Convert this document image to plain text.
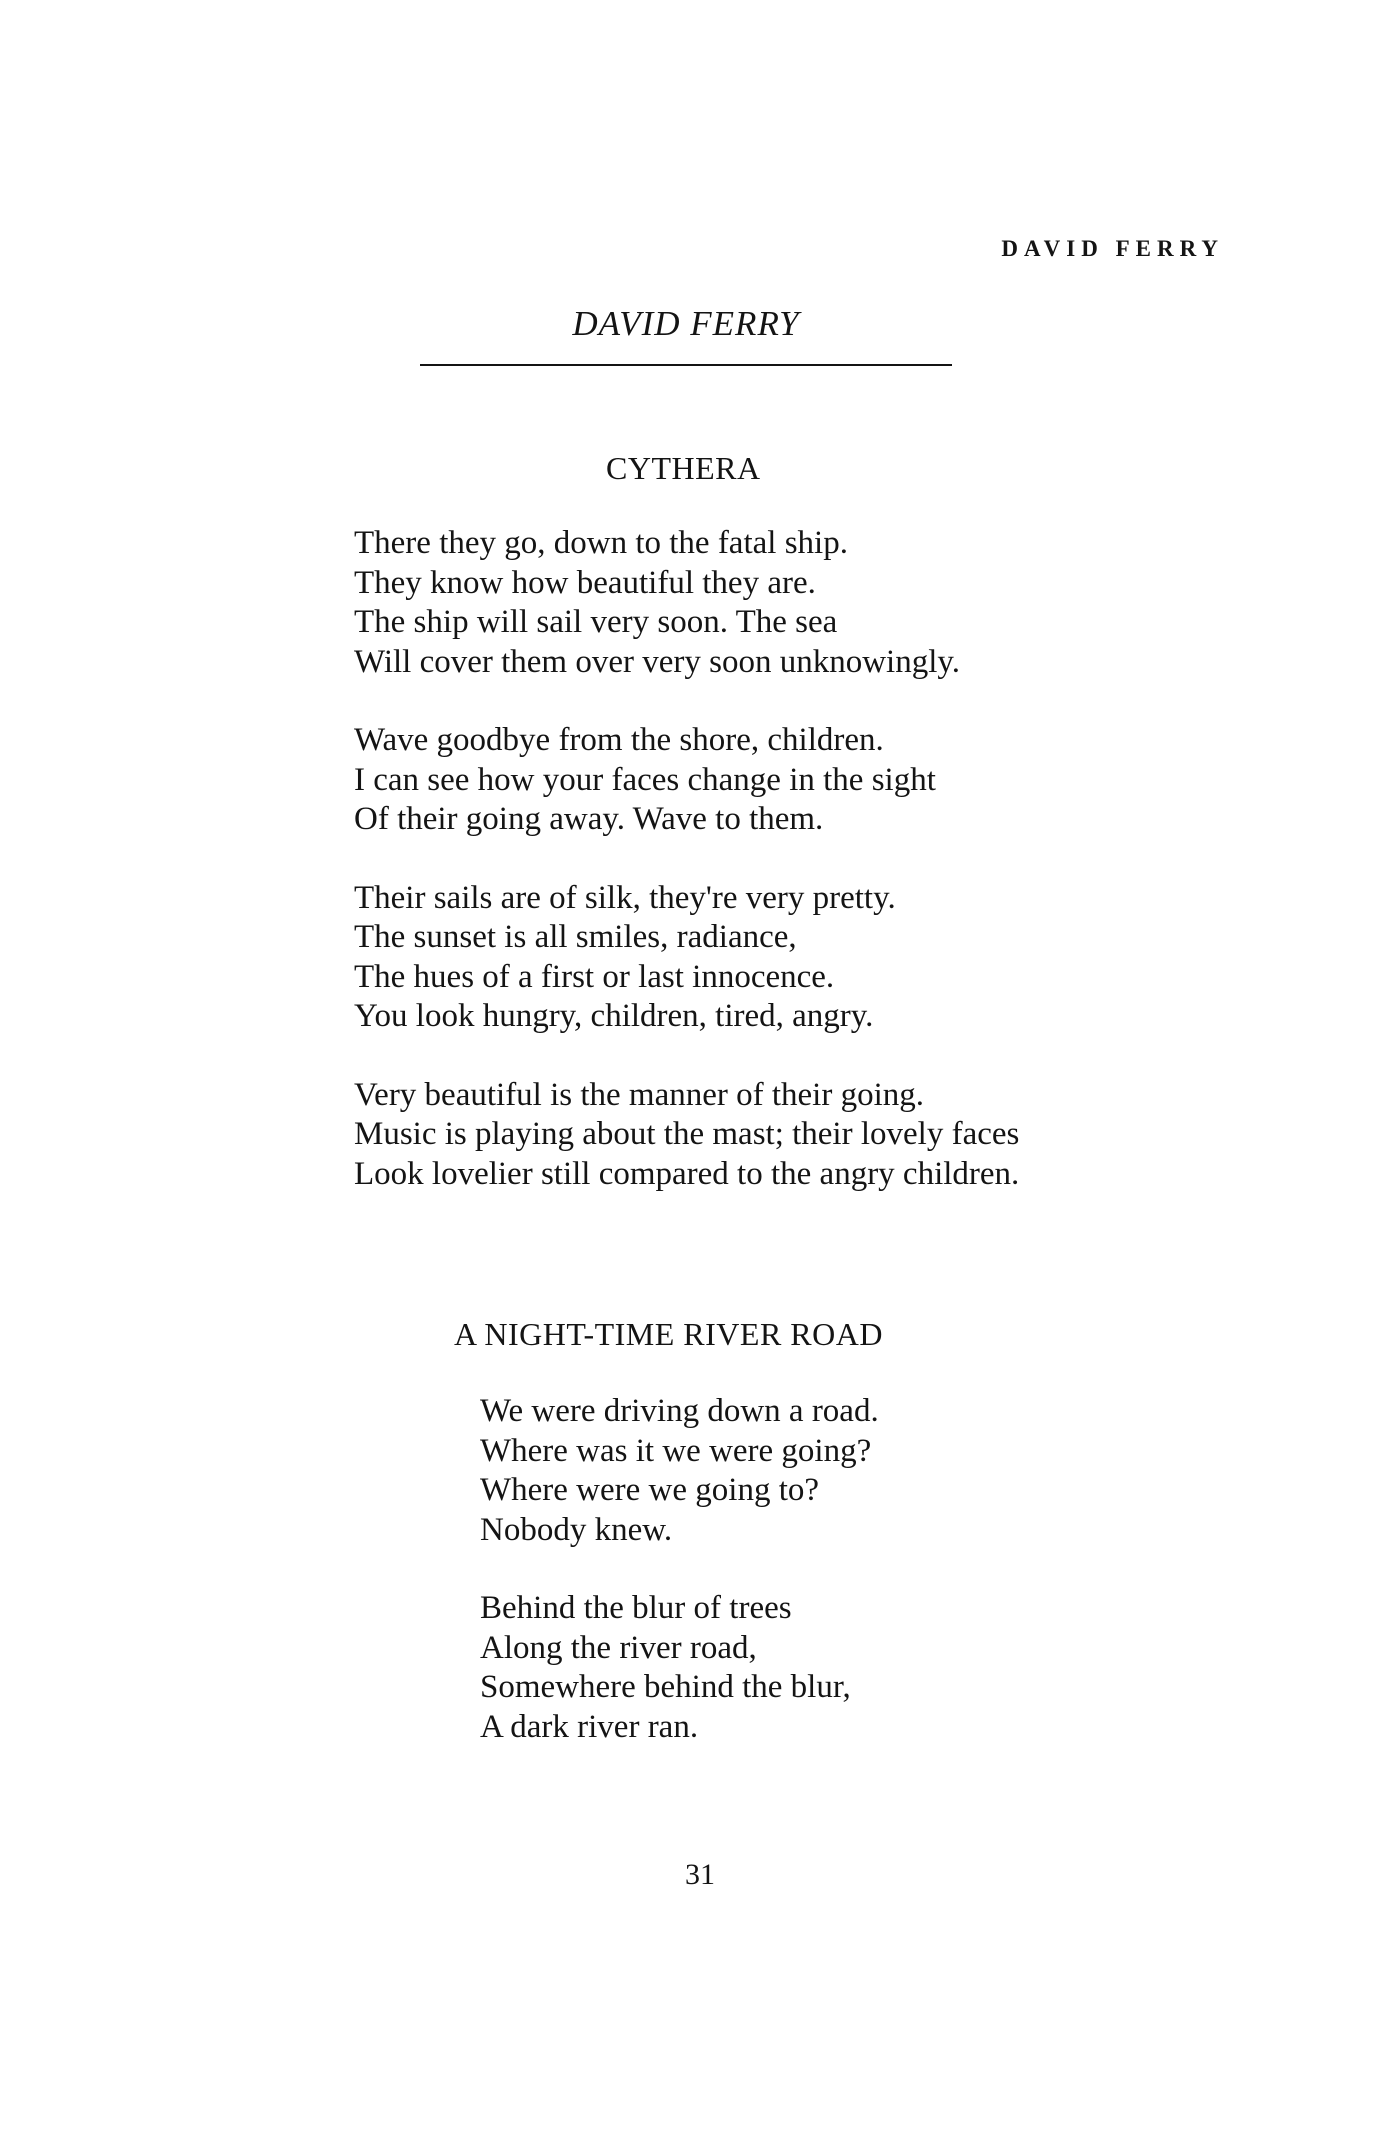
DAVID FERRY
DAVID FERRY
CYTHERA
There they go, down to the fatal ship.
They know how beautiful they are.
The ship will sail very soon. The sea
Will cover them over very soon unknowingly.
Wave goodbye from the shore, children.
I can see how your faces change in the sight
Of their going away. Wave to them.
Their sails are of silk, they're very pretty.
The sunset is all smiles, radiance,
The hues of a first or last innocence.
You look hungry, children, tired, angry.
Very beautiful is the manner of their going.
Music is playing about the mast; their lovely faces
Look lovelier still compared to the angry children.
A NIGHT-TIME RIVER ROAD
We were driving down a road.
Where was it we were going?
Where were we going to?
Nobody knew.
Behind the blur of trees
Along the river road,
Somewhere behind the blur,
A dark river ran.
31
